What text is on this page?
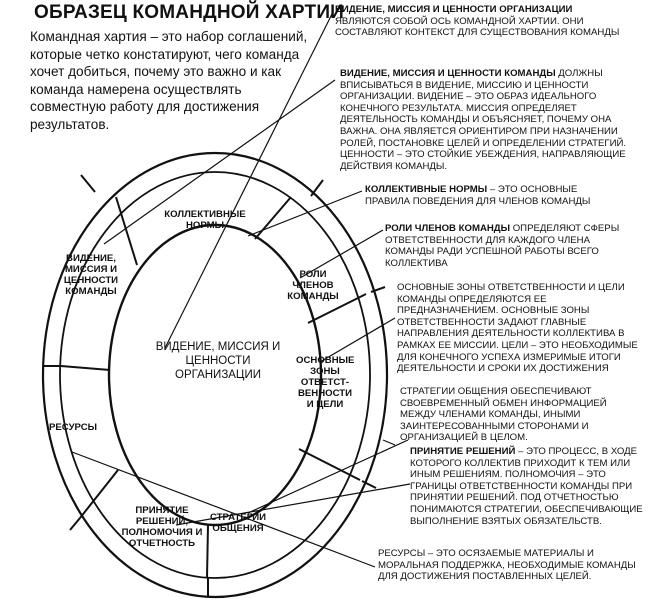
ОБРАЗЕЦ КОМАНДНОЙ ХАРТИИ
Командная хартия – это набор соглашений, которые четко констатируют, чего команда хочет добиться, почему это важно и как команда намерена осуществлять совместную работу для достижения результатов.
ВИДЕНИЕ, МИССИЯ И ЦЕННОСТИ ОРГАНИЗАЦИИ
ЯВЛЯЮТСЯ СОБОЙ ОСЬ КОМАНДНОЙ ХАРТИИ. ОНИ СОСТАВЛЯЮТ КОНТЕКСТ ДЛЯ СУЩЕСТВОВАНИЯ КОМАНДЫ
ВИДЕНИЕ, МИССИЯ И ЦЕННОСТИ КОМАНДЫ ДОЛЖНЫ ВПИСЫВАТЬСЯ В ВИДЕНИЕ, МИССИЮ И ЦЕННОСТИ ОРГАНИЗАЦИИ. ВИДЕНИЕ – ЭТО ОБРАЗ ИДЕАЛЬНОГО КОНЕЧНОГО РЕЗУЛЬТАТА. МИССИЯ ОПРЕДЕЛЯЕТ ДЕЯТЕЛЬНОСТЬ КОМАНДЫ И ОБЪЯСНЯЕТ, ПОЧЕМУ ОНА ВАЖНА. ОНА ЯВЛЯЕТСЯ ОРИЕНТИРОМ ПРИ НАЗНАЧЕНИИ РОЛЕЙ, ПОСТАНОВКЕ ЦЕЛЕЙ И ОПРЕДЕЛЕНИИ СТРАТЕГИЙ. ЦЕННОСТИ – ЭТО СТОЙКИЕ УБЕЖДЕНИЯ, НАПРАВЛЯЮЩИЕ ДЕЙСТВИЯ КОМАНДЫ.
КОЛЛЕКТИВНЫЕ НОРМЫ – ЭТО ОСНОВНЫЕ ПРАВИЛА ПОВЕДЕНИЯ ДЛЯ ЧЛЕНОВ КОМАНДЫ
РОЛИ ЧЛЕНОВ КОМАНДЫ ОПРЕДЕЛЯЮТ СФЕРЫ ОТВЕТСТВЕННОСТИ ДЛЯ КАЖДОГО ЧЛЕНА КОМАНДЫ РАДИ УСПЕШНОЙ РАБОТЫ ВСЕГО КОЛЛЕКТИВА
ОСНОВНЫЕ ЗОНЫ ОТВЕТСТВЕННОСТИ И ЦЕЛИ КОМАНДЫ ОПРЕДЕЛЯЮТСЯ ЕЕ ПРЕДНАЗНАЧЕНИЕМ. ОСНОВНЫЕ ЗОНЫ ОТВЕТСТВЕННОСТИ ЗАДАЮТ ГЛАВНЫЕ НАПРАВЛЕНИЯ ДЕЯТЕЛЬНОСТИ КОЛЛЕКТИВА В РАМКАХ ЕЕ МИССИИ. ЦЕЛИ – ЭТО НЕОБХОДИМЫЕ ДЛЯ КОНЕЧНОГО УСПЕХА ИЗМЕРИМЫЕ ИТОГИ ДЕЯТЕЛЬНОСТИ И СРОКИ ИХ ДОСТИЖЕНИЯ
СТРАТЕГИИ ОБЩЕНИЯ ОБЕСПЕЧИВАЮТ СВОЕВРЕМЕННЫЙ ОБМЕН ИНФОРМАЦИЕЙ МЕЖДУ ЧЛЕНАМИ КОМАНДЫ, ИНЫМИ ЗАИНТЕРЕСОВАННЫМИ СТОРОНАМИ И ОРГАНИЗАЦИЕЙ В ЦЕЛОМ.
ПРИНЯТИЕ РЕШЕНИЙ – ЭТО ПРОЦЕСС, В ХОДЕ КОТОРОГО КОЛЛЕКТИВ ПРИХОДИТ К ТЕМ ИЛИ ИНЫМ РЕШЕНИЯМ. ПОЛНОМОЧИЯ – ЭТО ГРАНИЦЫ ОТВЕТСТВЕННОСТИ КОМАНДЫ ПРИ ПРИНЯТИИ РЕШЕНИЙ. ПОД ОТЧЕТНОСТЬЮ ПОНИМАЮТСЯ СТРАТЕГИИ, ОБЕСПЕЧИВАЮЩИЕ ВЫПОЛНЕНИЕ ВЗЯТЫХ ОБЯЗАТЕЛЬСТВ.
РЕСУРСЫ – ЭТО ОСЯЗАЕМЫЕ МАТЕРИАЛЫ И МОРАЛЬНАЯ ПОДДЕРЖКА, НЕОБХОДИМЫЕ КОМАНДЫ ДЛЯ ДОСТИЖЕНИЯ ПОСТАВЛЕННЫХ ЦЕЛЕЙ.
ВИДЕНИЕ, МИССИЯ И ЦЕННОСТИ КОМАНДЫ
КОЛЛЕКТИВНЫЕ НОРМЫ
РОЛИ ЧЛЕНОВ КОМАНДЫ
ОСНОВНЫЕ ЗОНЫ ОТВЕТСТ-ВЕННОСТИ И ЦЕЛИ
РЕСУРСЫ
ПРИНЯТИЕ РЕШЕНИЙ, ПОЛНОМОЧИЯ И ОТЧЕТНОСТЬ
СТРАТЕГИИ ОБЩЕНИЯ
ВИДЕНИЕ, МИССИЯ И ЦЕННОСТИ ОРГАНИЗАЦИИ
